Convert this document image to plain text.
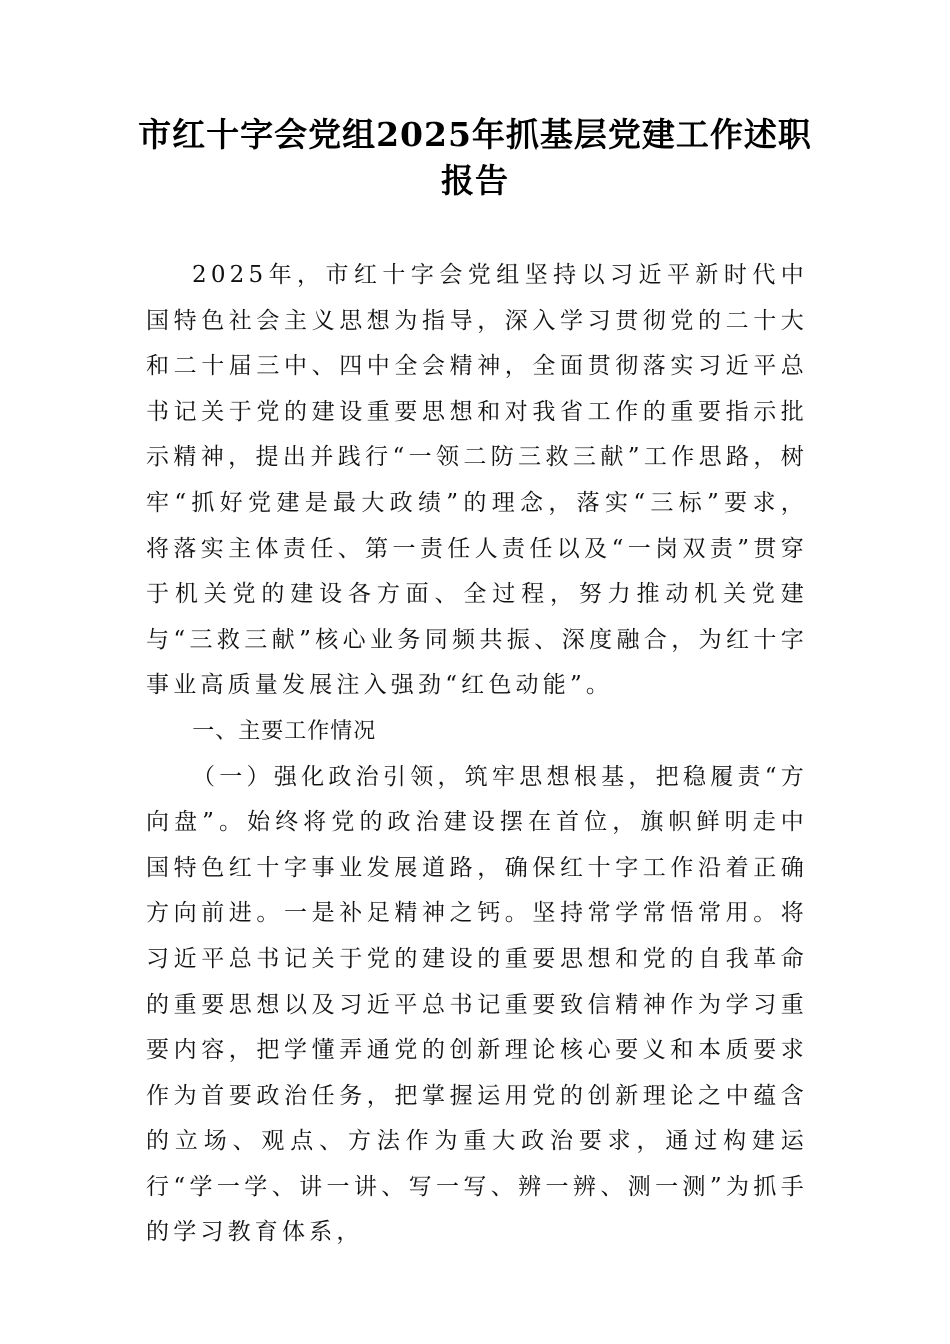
市红十字会党组2025年抓基层党建工作述职报告

2025年，市红十字会党组坚持以习近平新时代中国特色社会主义思想为指导，深入学习贯彻党的二十大和二十届三中、四中全会精神，全面贯彻落实习近平总书记关于党的建设重要思想和对我省工作的重要指示批示精神，提出并践行“一领二防三救三献”工作思路，树牢“抓好党建是最大政绩”的理念，落实“三标”要求，将落实主体责任、第一责任人责任以及“一岗双责”贯穿于机关党的建设各方面、全过程，努力推动机关党建与“三救三献”核心业务同频共振、深度融合，为红十字事业高质量发展注入强劲“红色动能”。

一、主要工作情况

（一）强化政治引领，筑牢思想根基，把稳履责“方向盘”。始终将党的政治建设摆在首位，旗帜鲜明走中国特色红十字事业发展道路，确保红十字工作沿着正确方向前进。一是补足精神之钙。坚持常学常悟常用。将习近平总书记关于党的建设的重要思想和党的自我革命的重要思想以及习近平总书记重要致信精神作为学习重要内容，把学懂弄通党的创新理论核心要义和本质要求作为首要政治任务，把掌握运用党的创新理论之中蕴含的立场、观点、方法作为重大政治要求，通过构建运行“学一学、讲一讲、写一写、辨一辨、测一测”为抓手的学习教育体系，
